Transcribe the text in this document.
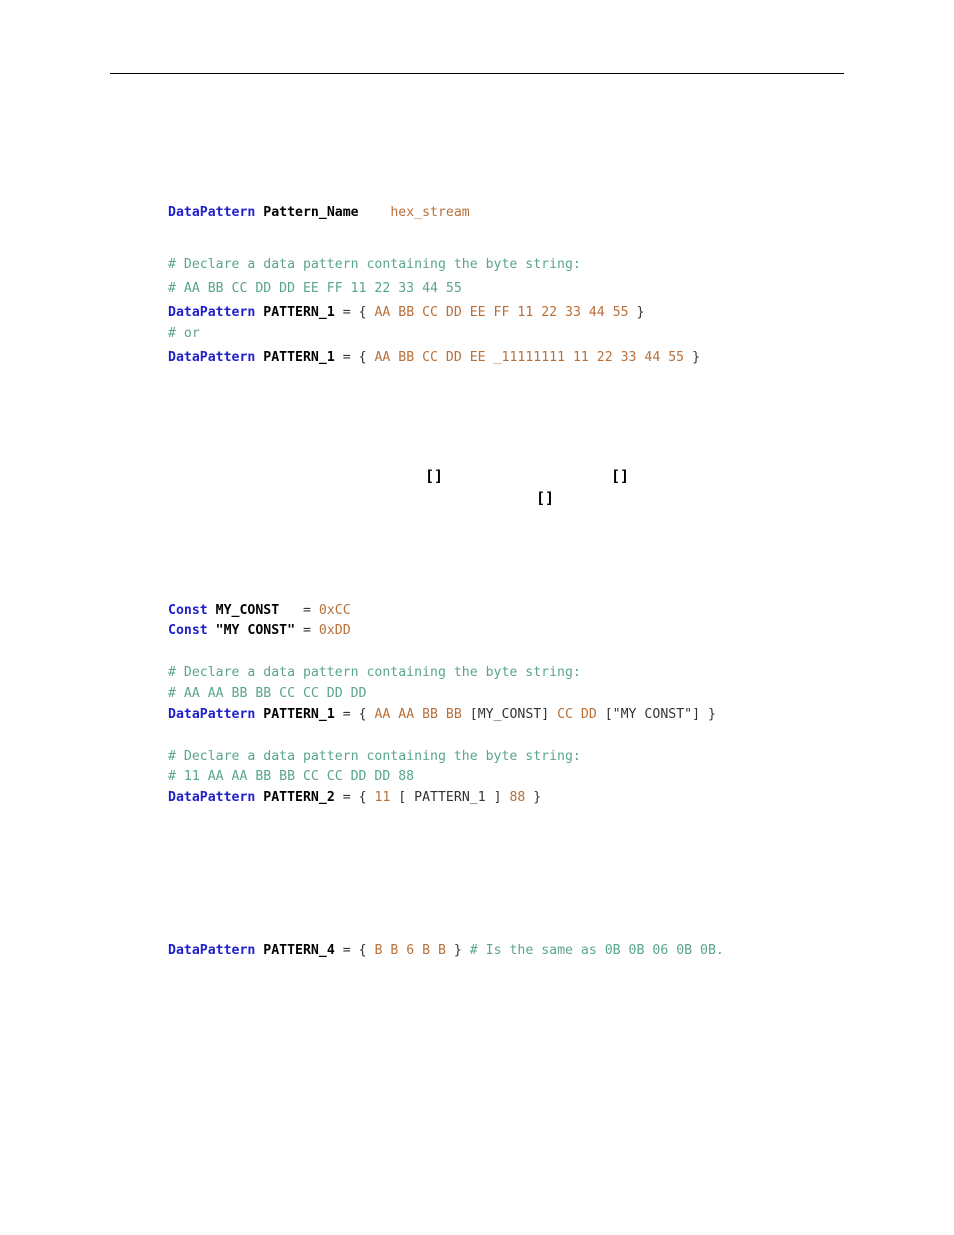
DataPattern Pattern_Name hex_stream
# Declare a data pattern containing the byte string:
# AA BB CC DD DD EE FF 11 22 33 44 55
DataPattern PATTERN_1 = { AA BB CC DD EE FF 11 22 33 44 55 }
# or
DataPattern PATTERN_1 = { AA BB CC DD EE _11111111 11 22 33 44 55 }
[]	[]
[]
Const MY_CONST   = 0xCC
Const "MY CONST" = 0xDD
# Declare a data pattern containing the byte string:
# AA AA BB BB CC CC DD DD
DataPattern PATTERN_1 = { AA AA BB BB [MY_CONST] CC DD ["MY CONST"] }
# Declare a data pattern containing the byte string:
# 11 AA AA BB BB CC CC DD DD 88
DataPattern PATTERN_2 = { 11 [ PATTERN_1 ] 88 }
DataPattern PATTERN_4 = { B B 6 B B } # Is the same as 0B 0B 06 0B 0B.
